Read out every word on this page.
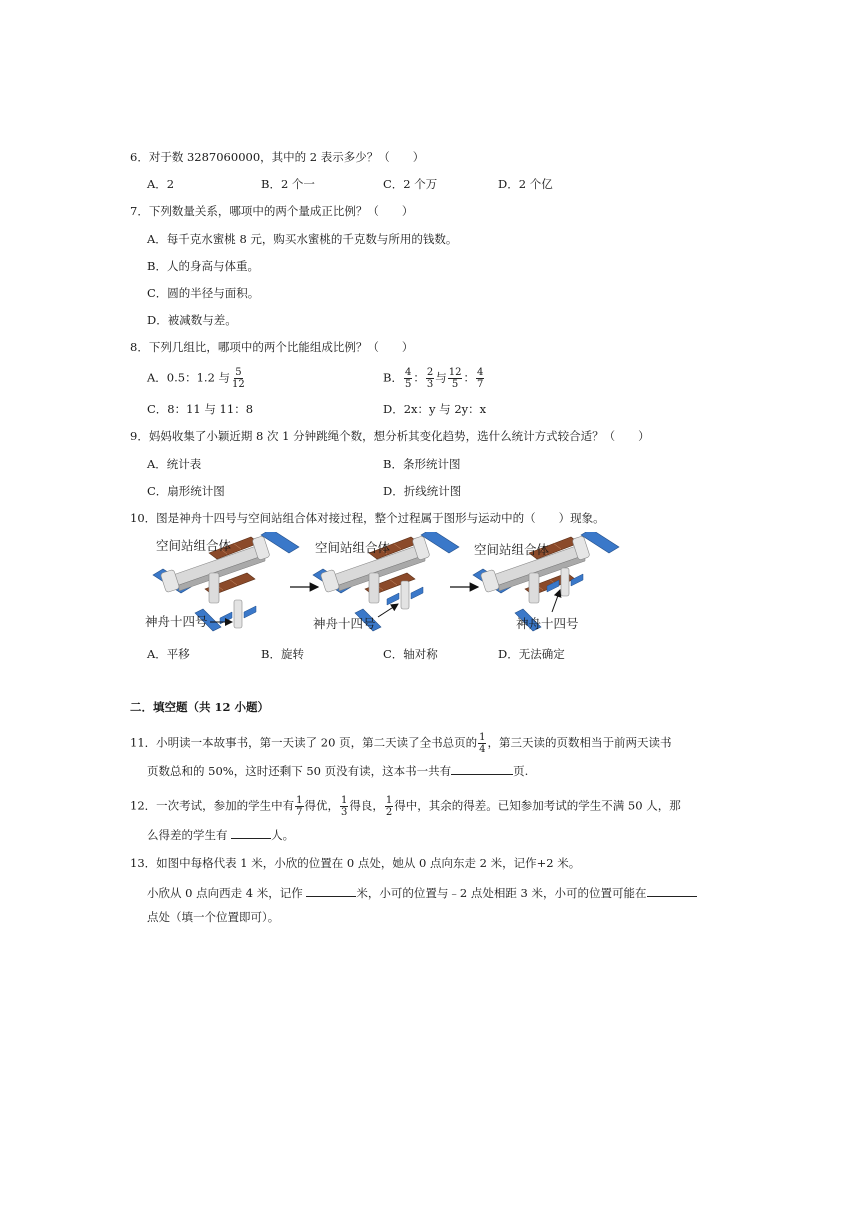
6．对于数 3287060000，其中的 2 表示多少？（　　）
A．2	B．2 个一	C．2 个万	D．2 个亿
7．下列数量关系，哪项中的两个量成正比例？（　　）
A．每千克水蜜桃 8 元，购买水蜜桃的千克数与所用的钱数。
B．人的身高与体重。
C．圆的半径与面积。
D．被减数与差。
8．下列几组比，哪项中的两个比能组成比例？（　　）
A．0.5：1.2 与 $\frac{5}{12}$	B． $\frac{4}{5}$ ： $\frac{2}{3}$ 与 $\frac{12}{5}$ ： $\frac{4}{7}$
C．8：11 与 11：8	D．2x：y 与 2y：x
9．妈妈收集了小颖近期 8 次 1 分钟跳绳个数，想分析其变化趋势，选什么统计方式较合适？（　　）
A．统计表	B．条形统计图
C．扇形统计图	D．折线统计图
10．图是神舟十四号与空间站组合体对接过程，整个过程属于图形与运动中的（　　）现象。
空间站组合体	空间站组合体	空间站组合体
神舟十四号	神舟十四号	神舟十四号
A．平移	B．旋转	C．轴对称	D．无法确定
二．填空题（共 12 小题）
11．小明读一本故事书，第一天读了 20 页，第二天读了全书总页的 $\frac{1}{4}$ ，第三天读的页数相当于前两天读书
页数总和的 50%，这时还剩下 50 页没有读，这本书一共有	页.
12．一次考试，参加的学生中有 $\frac{1}{7}$ 得优， $\frac{1}{3}$ 得良， $\frac{1}{2}$ 得中，其余的得差。已知参加考试的学生不满 50 人，那
么得差的学生有	人。
13．如图中每格代表 1 米，小欣的位置在 0 点处，她从 0 点向东走 2 米，记作+2 米。
小欣从 0 点向西走 4 米，记作	米，小可的位置与﹣2 点处相距 3 米，小可的位置可能在
点处（填一个位置即可）。
